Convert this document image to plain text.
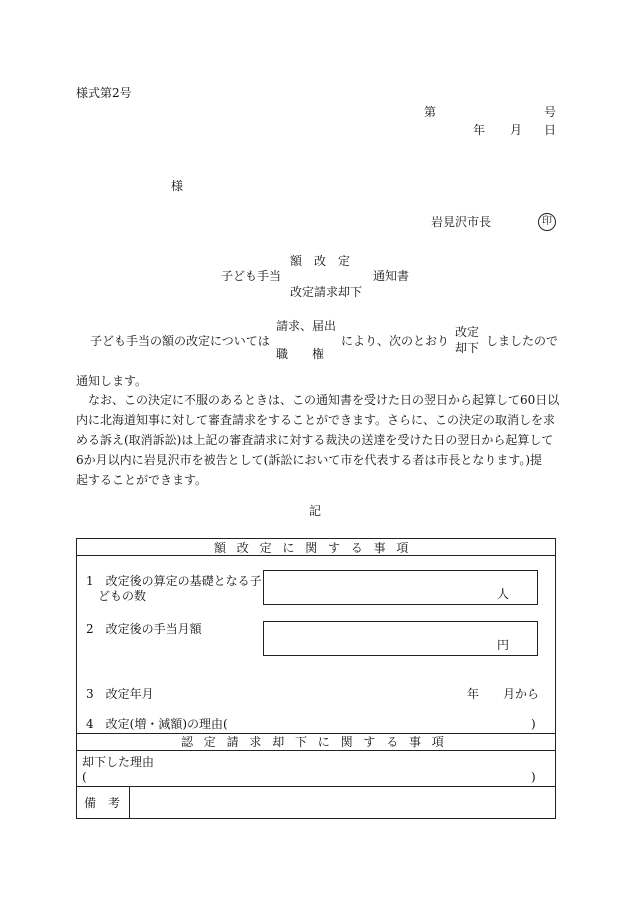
様式第2号
第	号
年 月 日
様
岩見沢市長	印
額　改　定
子ども手当	通知書
改定請求却下
請求、届出	改定
子ども手当の額の改定については	により、次のとおり	しましたので
却下
職　　権
通知します。

なお、この決定に不服のあるときは、この通知書を受けた日の翌日から起算して60日以

内に北海道知事に対して審査請求をすることができます。さらに、この決定の取消しを求

める訴え(取消訴訟)は上記の審査請求に対する裁決の送達を受けた日の翌日から起算して

6か月以内に岩見沢市を被告として(訴訟において市を代表する者は市長となります。)提

起することができます。

記
額改定に関する事項
1　改定後の算定の基礎となる子
どもの数	人
2　改定後の手当月額
円
3　改定年月	年 月から
4　改定(増・減額)の理由(	)
認定請求却下に関する事項
却下した理由
(	)
備　考
